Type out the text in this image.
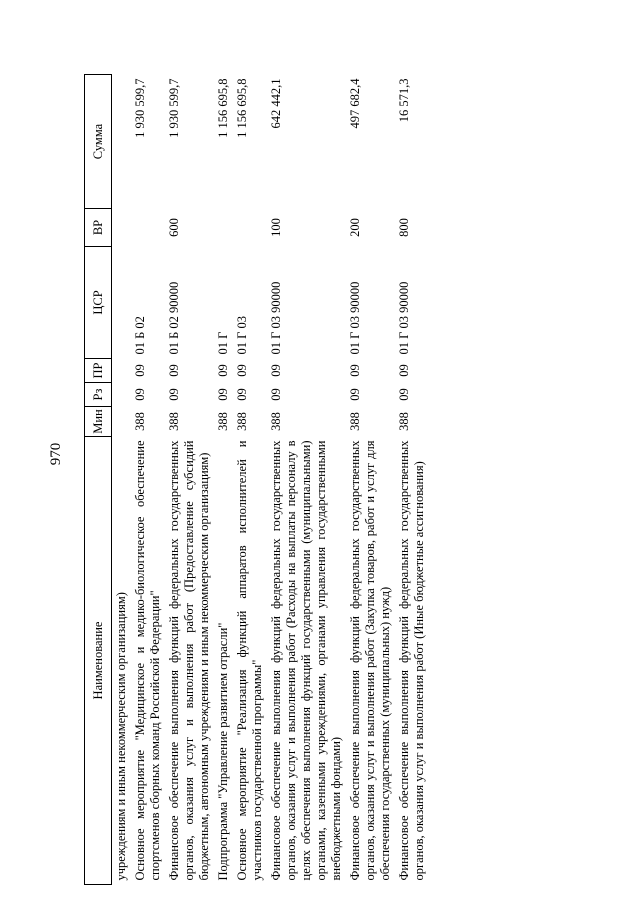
970
Наименование	Мин	Рз	ПР	ЦСР	ВР	Сумма
учреждениям и иным некоммерческим организациям)						
Основное мероприятие "Медицинское и медико-биологическое обеспечение спортсменов сборных команд Российской Федерации"	388	09	09	01 Б 02		1 930 599,7
Финансовое обеспечение выполнения функций федеральных государственных органов, оказания услуг и выполнения работ (Предоставление субсидий бюджетным, автономным учреждениям и иным некоммерческим организациям)	388	09	09	01 Б 02 90000	600	1 930 599,7
Подпрограмма "Управление развитием отрасли"	388	09	09	01 Г		1 156 695,8
Основное мероприятие "Реализация функций аппаратов исполнителей и участников государственной программы"	388	09	09	01 Г 03		1 156 695,8
Финансовое обеспечение выполнения функций федеральных государственных органов, оказания услуг и выполнения работ (Расходы на выплаты персоналу в целях обеспечения выполнения функций государственными (муниципальными) органами, казенными учреждениями, органами управления государственными внебюджетными фондами)	388	09	09	01 Г 03 90000	100	642 442,1
Финансовое обеспечение выполнения функций федеральных государственных органов, оказания услуг и выполнения работ (Закупка товаров, работ и услуг для обеспечения государственных (муниципальных) нужд)	388	09	09	01 Г 03 90000	200	497 682,4
Финансовое обеспечение выполнения функций федеральных государственных органов, оказания услуг и выполнения работ (Иные бюджетные ассигнования)	388	09	09	01 Г 03 90000	800	16 571,3
